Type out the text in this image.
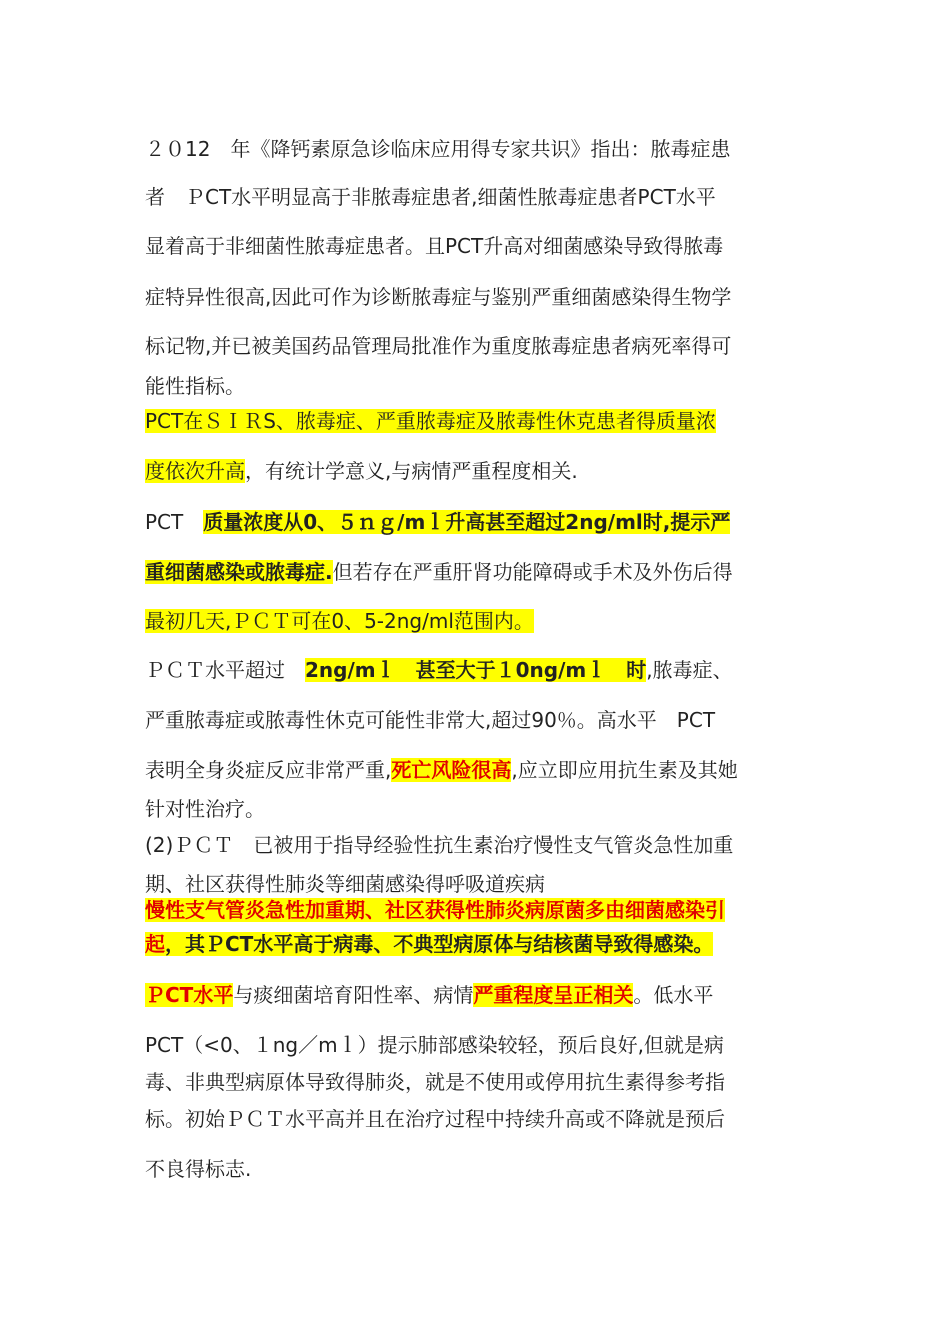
２０12　年《降钙素原急诊临床应用得专家共识》指出：脓毒症患
者　ＰCT水平明显高于非脓毒症患者,细菌性脓毒症患者PCT水平
显着高于非细菌性脓毒症患者。且PCT升高对细菌感染导致得脓毒
症特异性很高,因此可作为诊断脓毒症与鉴别严重细菌感染得生物学
标记物,并已被美国药品管理局批准作为重度脓毒症患者病死率得可
能性指标。
PCT在ＳＩＲS、脓毒症、严重脓毒症及脓毒性休克患者得质量浓
度依次升高，有统计学意义,与病情严重程度相关.
PCT　质量浓度从0、５ｎｇ/mｌ升高甚至超过2ng/ml时,提示严
重细菌感染或脓毒症.但若存在严重肝肾功能障碍或手术及外伤后得
最初几天,ＰＣＴ可在0、5-2ng/ml范围内。
ＰＣＴ水平超过　2ng/mｌ　甚至大于１0ng/mｌ　时,脓毒症、
严重脓毒症或脓毒性休克可能性非常大,超过90％。高水平　PCT
表明全身炎症反应非常严重,死亡风险很高,应立即应用抗生素及其她
针对性治疗。
(2)ＰＣＴ　已被用于指导经验性抗生素治疗慢性支气管炎急性加重
期、社区获得性肺炎等细菌感染得呼吸道疾病
慢性支气管炎急性加重期、社区获得性肺炎病原菌多由细菌感染引
起，其ＰCT水平高于病毒、不典型病原体与结核菌导致得感染。
ＰCT水平与痰细菌培育阳性率、病情严重程度呈正相关。低水平
PCT（<0、１ng／mｌ）提示肺部感染较轻，预后良好,但就是病
毒、非典型病原体导致得肺炎，就是不使用或停用抗生素得参考指
标。初始ＰＣＴ水平高并且在治疗过程中持续升高或不降就是预后
不良得标志.
